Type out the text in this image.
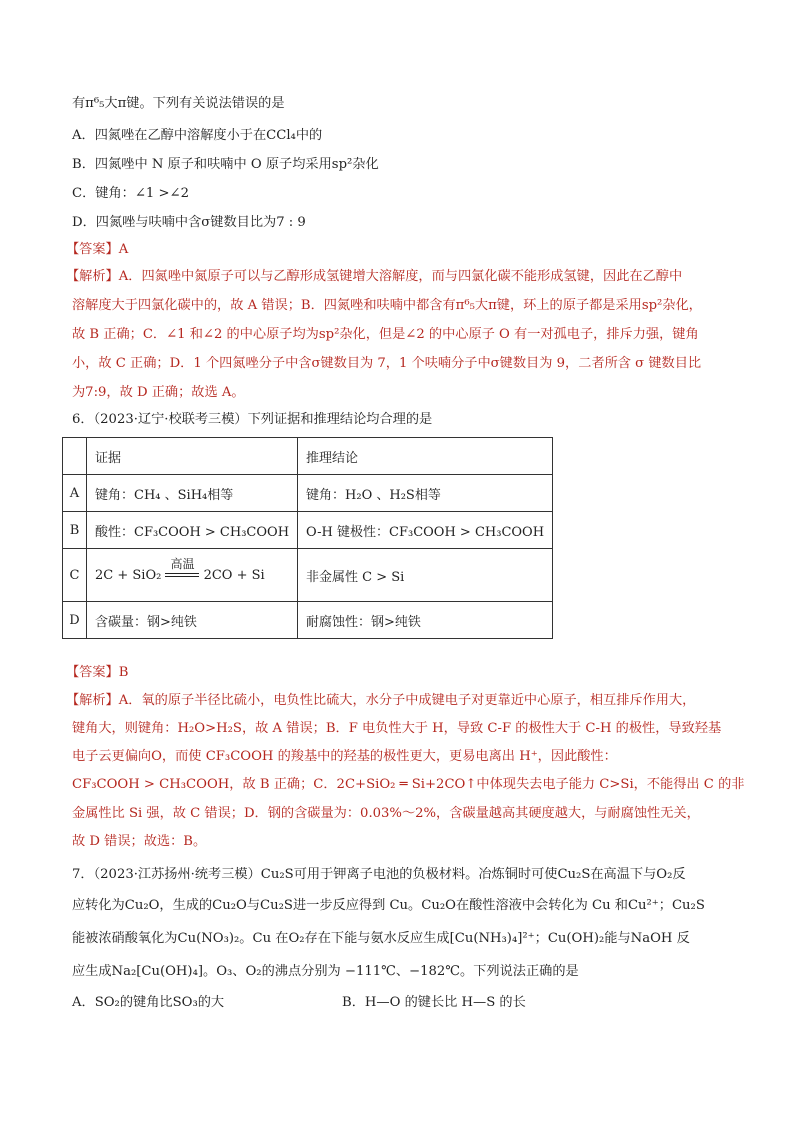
有π⁶₅大π键。下列有关说法错误的是
A．四氮唑在乙醇中溶解度小于在CCl₄中的
B．四氮唑中 N 原子和呋喃中 O 原子均采用sp²杂化
C．键角：∠1 >∠2
D．四氮唑与呋喃中含σ键数目比为7 : 9
【答案】A
【解析】A．四氮唑中氮原子可以与乙醇形成氢键增大溶解度，而与四氯化碳不能形成氢键，因此在乙醇中
溶解度大于四氯化碳中的，故 A 错误；B．四氮唑和呋喃中都含有π⁶₅大π键，环上的原子都是采用sp²杂化，
故 B 正确；C．∠1 和∠2 的中心原子均为sp²杂化，但是∠2 的中心原子 O 有一对孤电子，排斥力强，键角
小，故 C 正确；D．1 个四氮唑分子中含σ键数目为 7，1 个呋喃分子中σ键数目为 9，二者所含 σ 键数目比
为7:9，故 D 正确；故选 A。
6．（2023·辽宁·校联考三模）下列证据和推理结论均合理的是
	证据	推理结论
A	键角：CH₄ 、SiH₄相等	键角：H₂O 、H₂S相等
B	酸性：CF₃COOH > CH₃COOH	O-H 键极性：CF₃COOH > CH₃COOH
C	2C + SiO₂
高温
2CO + Si	非金属性 C > Si
D	含碳量：钢>纯铁	耐腐蚀性：钢>纯铁
【答案】B
【解析】A．氧的原子半径比硫小，电负性比硫大，水分子中成键电子对更靠近中心原子，相互排斥作用大，
键角大，则键角：H₂O>H₂S，故 A 错误；B．F 电负性大于 H，导致 C-F 的极性大于 C-H 的极性，导致羟基
电子云更偏向O，而使 CF₃COOH 的羧基中的羟基的极性更大，更易电离出 H⁺，因此酸性：
CF₃COOH > CH₃COOH，故 B 正确；C．2C+SiO₂ ═ Si+2CO↑中体现失去电子能力 C>Si，不能得出 C 的非
金属性比 Si 强，故 C 错误；D．钢的含碳量为：0.03%～2%，含碳量越高其硬度越大，与耐腐蚀性无关，
故 D 错误；故选：B。
7．（2023·江苏扬州·统考三模）Cu₂S可用于钾离子电池的负极材料。冶炼铜时可使Cu₂S在高温下与O₂反
应转化为Cu₂O，生成的Cu₂O与Cu₂S进一步反应得到 Cu。Cu₂O在酸性溶液中会转化为 Cu 和Cu²⁺；Cu₂S
能被浓硝酸氧化为Cu(NO₃)₂。Cu 在O₂存在下能与氨水反应生成[Cu(NH₃)₄]²⁺；Cu(OH)₂能与NaOH 反
应生成Na₂[Cu(OH)₄]。O₃、O₂的沸点分别为 −111℃、−182℃。下列说法正确的是
A．SO₂的键角比SO₃的大	B．H—O 的键长比 H—S 的长
